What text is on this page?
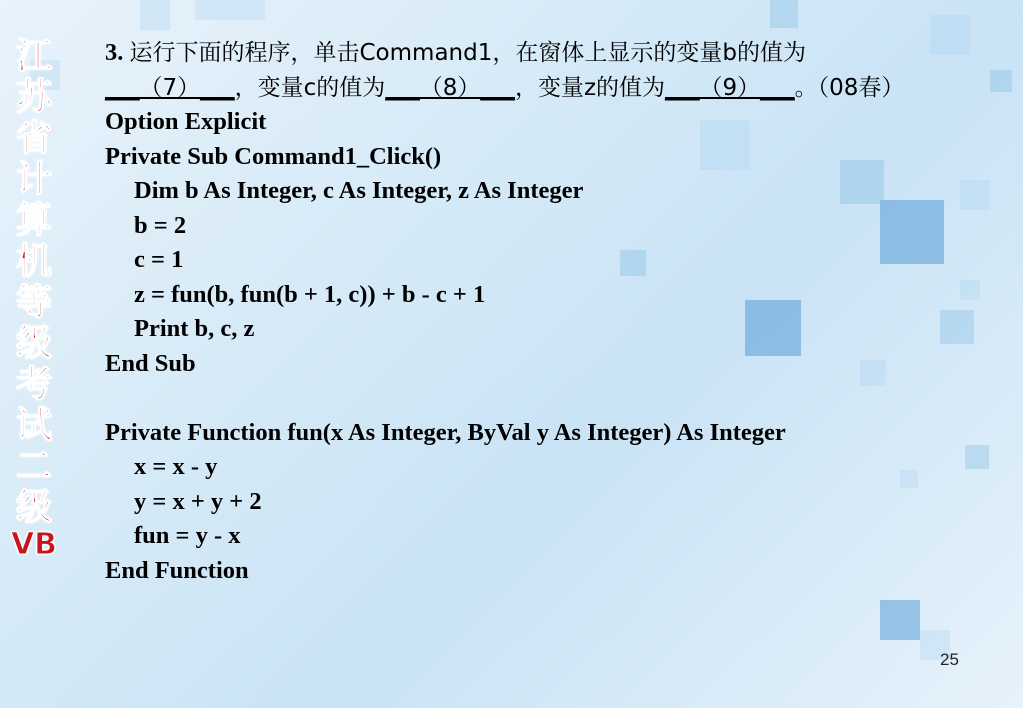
江
苏
省
计
算
机
等
级
考
试
二
级
VB
3. 运行下面的程序，单击Command1，在窗体上显示的变量b的值为
___（7）___，变量c的值为___（8）___，变量z的值为___（9）___。（08春）
Option Explicit
Private Sub Command1_Click()
Dim b As Integer, c As Integer, z As Integer
b = 2
c = 1
z = fun(b, fun(b + 1, c)) + b - c + 1
Print b, c, z
End Sub
Private Function fun(x As Integer, ByVal y As Integer) As Integer
x = x - y
y = x + y + 2
fun = y - x
End Function
25
